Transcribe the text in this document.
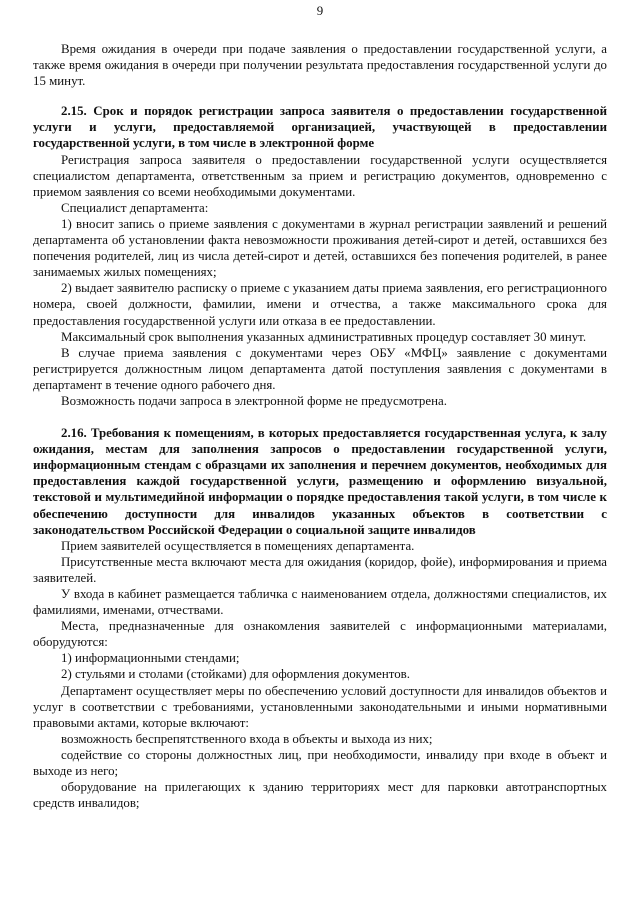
9

Время ожидания в очереди при подаче заявления о предоставлении государственной услуги, а также время ожидания в очереди при получении результата предоставления государственной услуги до 15 минут.

2.15. Срок и порядок регистрации запроса заявителя о предоставлении государственной услуги и услуги, предоставляемой организацией, участвующей в предоставлении государственной услуги, в том числе в электронной форме

Регистрация запроса заявителя о предоставлении государственной услуги осуществляется специалистом департамента, ответственным за прием и регистрацию документов, одновременно с приемом заявления со всеми необходимыми документами.

Специалист департамента:

1) вносит запись о приеме заявления с документами в журнал регистрации заявлений и решений департамента об установлении факта невозможности проживания детей-сирот и детей, оставшихся без попечения родителей, лиц из числа детей-сирот и детей, оставшихся без попечения родителей, в ранее занимаемых жилых помещениях;

2) выдает заявителю расписку о приеме с указанием даты приема заявления, его регистрационного номера, своей должности, фамилии, имени и отчества, а также максимального срока для предоставления государственной услуги или отказа в ее предоставлении.

Максимальный срок выполнения указанных административных процедур составляет 30 минут.

В случае приема заявления с документами через ОБУ «МФЦ» заявление с документами регистрируется должностным лицом департамента датой поступления заявления с документами в департамент в течение одного рабочего дня.

Возможность подачи запроса в электронной форме не предусмотрена.

2.16. Требования к помещениям, в которых предоставляется государственная услуга, к залу ожидания, местам для заполнения запросов о предоставлении государственной услуги, информационным стендам с образцами их заполнения и перечнем документов, необходимых для предоставления каждой государственной услуги, размещению и оформлению визуальной, текстовой и мультимедийной информации о порядке предоставления такой услуги, в том числе к обеспечению доступности для инвалидов указанных объектов в соответствии с законодательством Российской Федерации о социальной защите инвалидов

Прием заявителей осуществляется в помещениях департамента.

Присутственные места включают места для ожидания (коридор, фойе), информирования и приема заявителей.

У входа в кабинет размещается табличка с наименованием отдела, должностями специалистов, их фамилиями, именами, отчествами.

Места, предназначенные для ознакомления заявителей с информационными материалами, оборудуются:

1) информационными стендами;

2) стульями и столами (стойками) для оформления документов.

Департамент осуществляет меры по обеспечению условий доступности для инвалидов объектов и услуг в соответствии с требованиями, установленными законодательными и иными нормативными правовыми актами, которые включают:

возможность беспрепятственного входа в объекты и выхода из них;

содействие со стороны должностных лиц, при необходимости, инвалиду при входе в объект и выходе из него;

оборудование на прилегающих к зданию территориях мест для парковки автотранспортных средств инвалидов;
